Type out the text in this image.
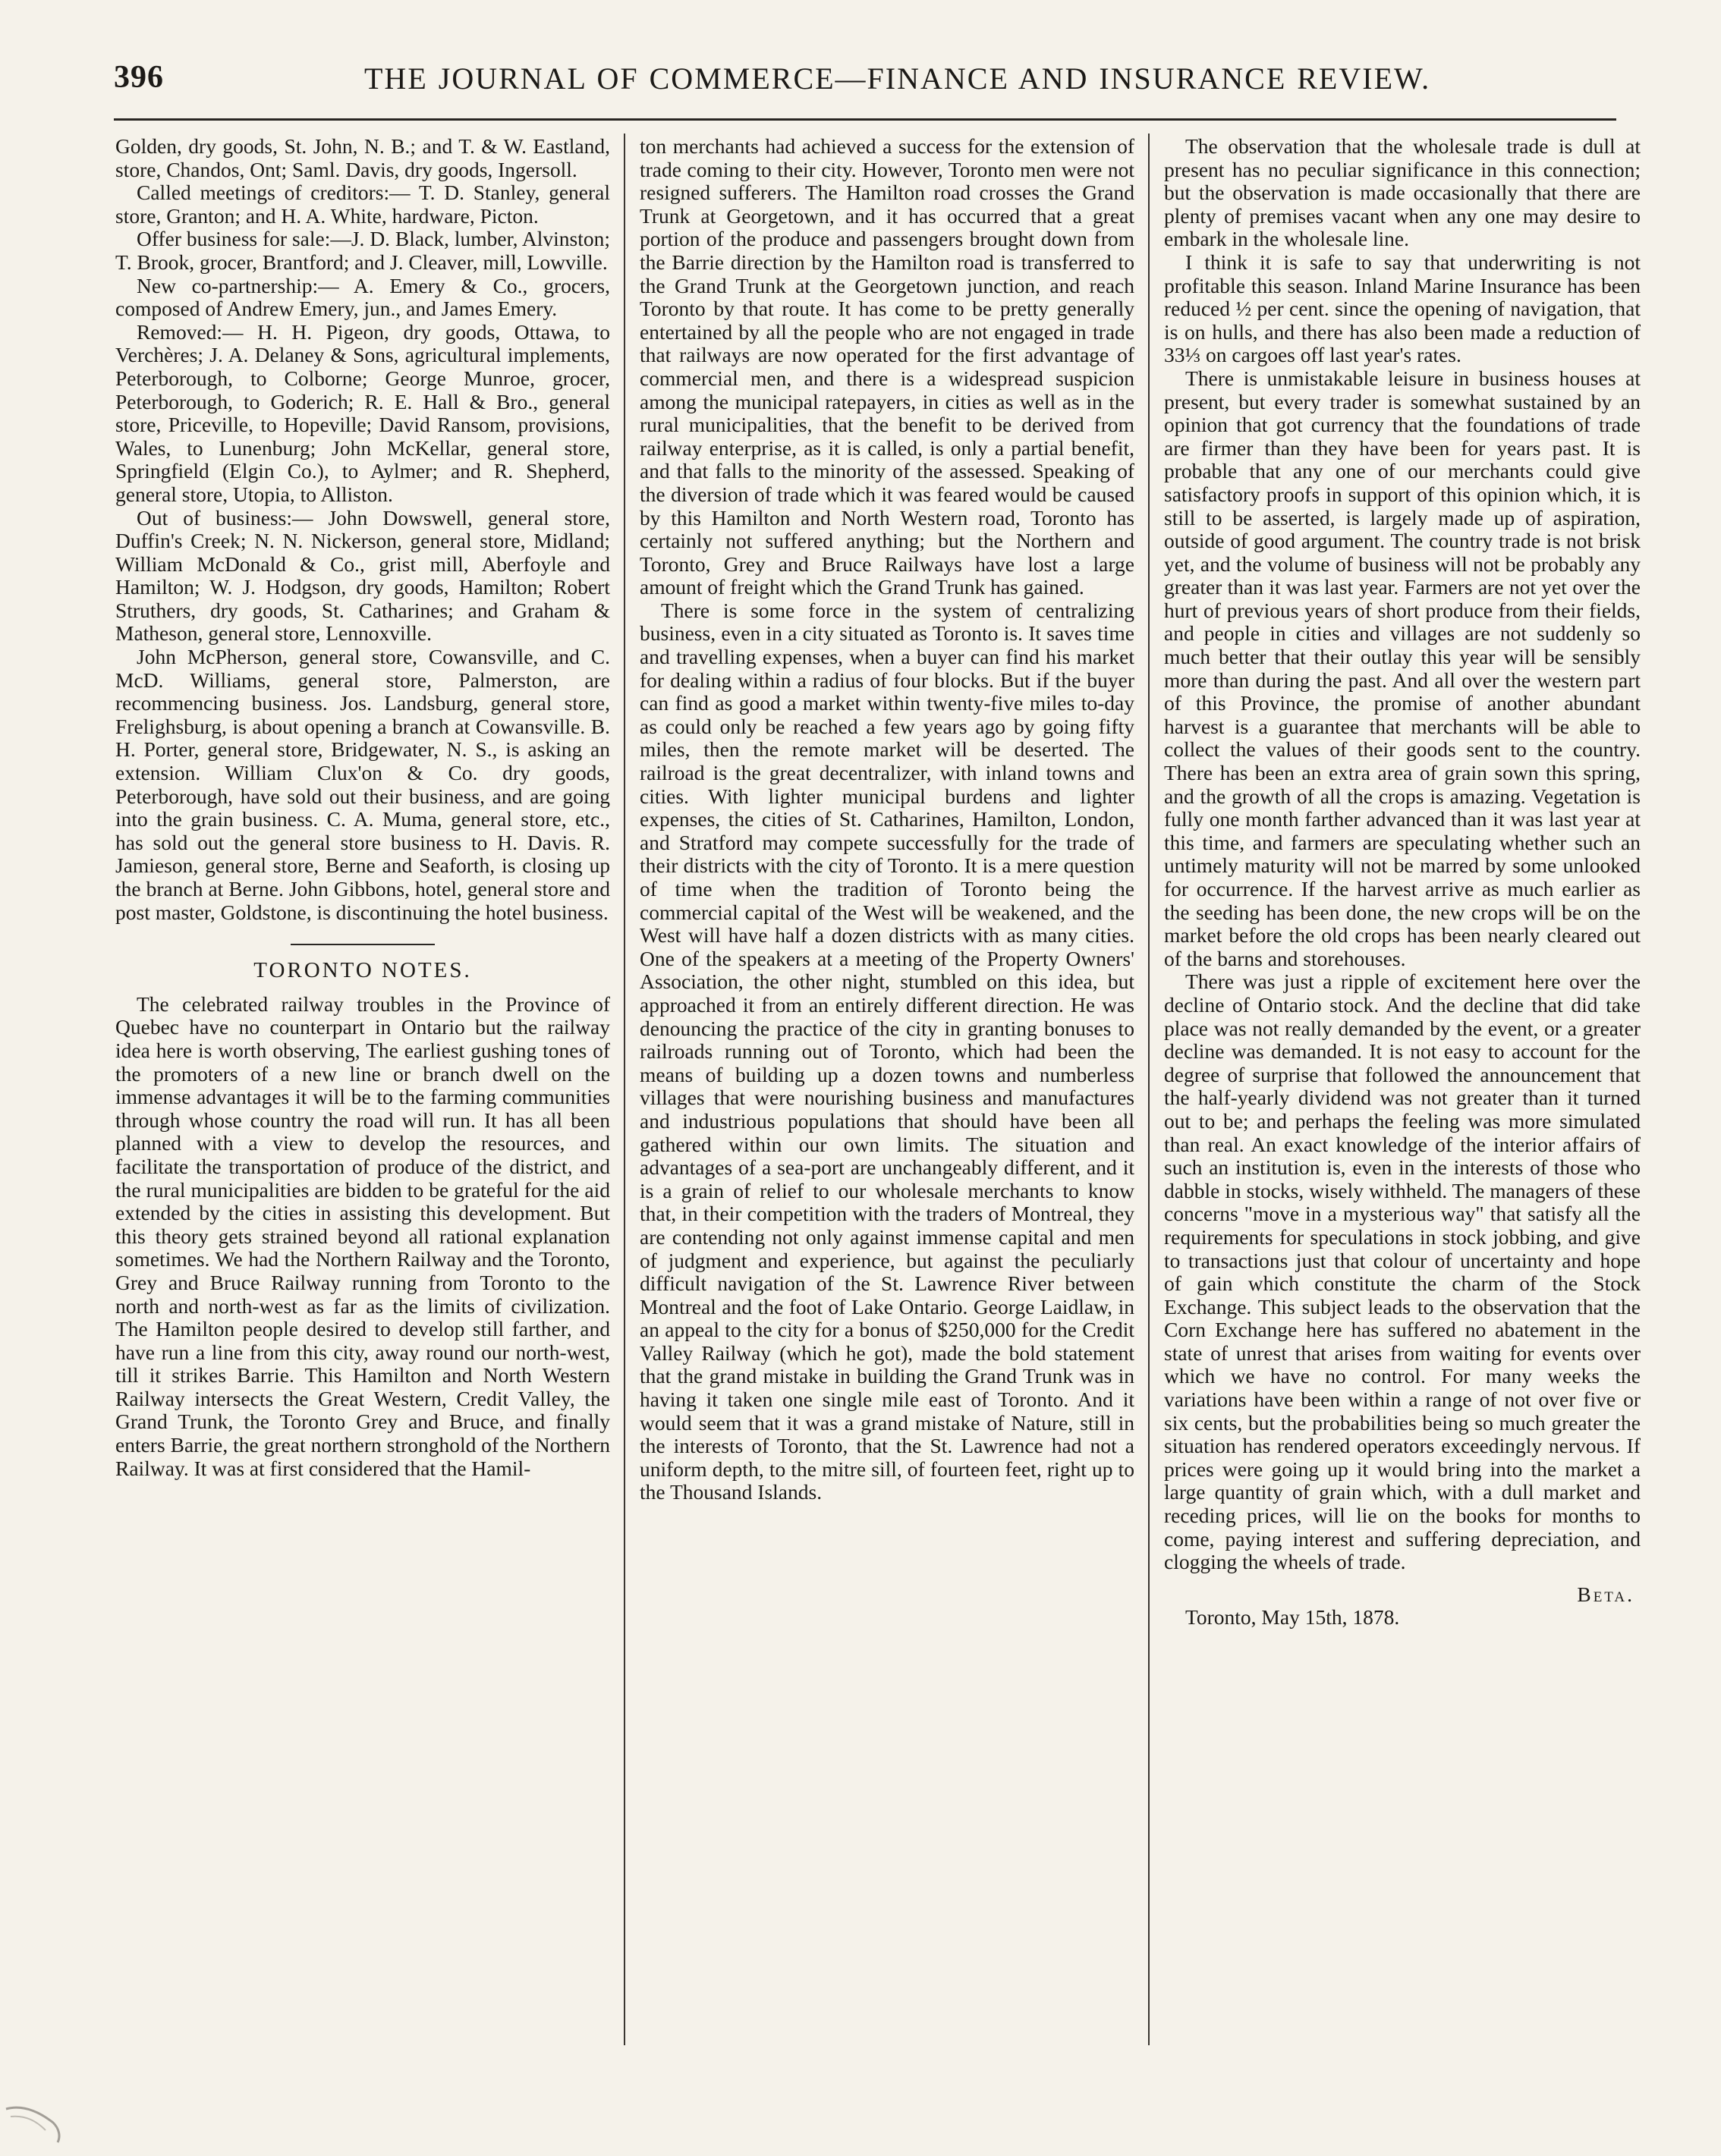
396	THE JOURNAL OF COMMERCE—FINANCE AND INSURANCE REVIEW.

Golden, dry goods, St. John, N. B.; and T. & W. Eastland, store, Chandos, Ont; Saml. Davis, dry goods, Ingersoll.

Called meetings of creditors:— T. D. Stanley, general store, Granton; and H. A. White, hardware, Picton.

Offer business for sale:—J. D. Black, lumber, Alvinston; T. Brook, grocer, Brantford; and J. Cleaver, mill, Lowville.

New co-partnership:— A. Emery & Co., grocers, composed of Andrew Emery, jun., and James Emery.

Removed:— H. H. Pigeon, dry goods, Ottawa, to Verchères; J. A. Delaney & Sons, agricultural implements, Peterborough, to Colborne; George Munroe, grocer, Peterborough, to Goderich; R. E. Hall & Bro., general store, Priceville, to Hopeville; David Ransom, provisions, Wales, to Lunenburg; John McKellar, general store, Springfield (Elgin Co.), to Aylmer; and R. Shepherd, general store, Utopia, to Alliston.

Out of business:— John Dowswell, general store, Duffin's Creek; N. N. Nickerson, general store, Midland; William McDonald & Co., grist mill, Aberfoyle and Hamilton; W. J. Hodgson, dry goods, Hamilton; Robert Struthers, dry goods, St. Catharines; and Graham & Matheson, general store, Lennoxville.

John McPherson, general store, Cowansville, and C. McD. Williams, general store, Palmerston, are recommencing business. Jos. Landsburg, general store, Frelighsburg, is about opening a branch at Cowansville. B. H. Porter, general store, Bridgewater, N. S., is asking an extension. William Clux'on & Co. dry goods, Peterborough, have sold out their business, and are going into the grain business. C. A. Muma, general store, etc., has sold out the general store business to H. Davis. R. Jamieson, general store, Berne and Seaforth, is closing up the branch at Berne. John Gibbons, hotel, general store and post master, Goldstone, is discontinuing the hotel business.

TORONTO NOTES.

The celebrated railway troubles in the Province of Quebec have no counterpart in Ontario but the railway idea here is worth observing, The earliest gushing tones of the promoters of a new line or branch dwell on the immense advantages it will be to the farming communities through whose country the road will run. It has all been planned with a view to develop the resources, and facilitate the transportation of produce of the district, and the rural municipalities are bidden to be grateful for the aid extended by the cities in assisting this development. But this theory gets strained beyond all rational explanation sometimes. We had the Northern Railway and the Toronto, Grey and Bruce Railway running from Toronto to the north and north-west as far as the limits of civilization. The Hamilton people desired to develop still farther, and have run a line from this city, away round our north-west, till it strikes Barrie. This Hamilton and North Western Railway intersects the Great Western, Credit Valley, the Grand Trunk, the Toronto Grey and Bruce, and finally enters Barrie, the great northern stronghold of the Northern Railway. It was at first considered that the Hamil-

ton merchants had achieved a success for the extension of trade coming to their city. However, Toronto men were not resigned sufferers. The Hamilton road crosses the Grand Trunk at Georgetown, and it has occurred that a great portion of the produce and passengers brought down from the Barrie direction by the Hamilton road is transferred to the Grand Trunk at the Georgetown junction, and reach Toronto by that route. It has come to be pretty generally entertained by all the people who are not engaged in trade that railways are now operated for the first advantage of commercial men, and there is a widespread suspicion among the municipal ratepayers, in cities as well as in the rural municipalities, that the benefit to be derived from railway enterprise, as it is called, is only a partial benefit, and that falls to the minority of the assessed. Speaking of the diversion of trade which it was feared would be caused by this Hamilton and North Western road, Toronto has certainly not suffered anything; but the Northern and Toronto, Grey and Bruce Railways have lost a large amount of freight which the Grand Trunk has gained.

There is some force in the system of centralizing business, even in a city situated as Toronto is. It saves time and travelling expenses, when a buyer can find his market for dealing within a radius of four blocks. But if the buyer can find as good a market within twenty-five miles to-day as could only be reached a few years ago by going fifty miles, then the remote market will be deserted. The railroad is the great decentralizer, with inland towns and cities. With lighter municipal burdens and lighter expenses, the cities of St. Catharines, Hamilton, London, and Stratford may compete successfully for the trade of their districts with the city of Toronto. It is a mere question of time when the tradition of Toronto being the commercial capital of the West will be weakened, and the West will have half a dozen districts with as many cities. One of the speakers at a meeting of the Property Owners' Association, the other night, stumbled on this idea, but approached it from an entirely different direction. He was denouncing the practice of the city in granting bonuses to railroads running out of Toronto, which had been the means of building up a dozen towns and numberless villages that were nourishing business and manufactures and industrious populations that should have been all gathered within our own limits. The situation and advantages of a sea-port are unchangeably different, and it is a grain of relief to our wholesale merchants to know that, in their competition with the traders of Montreal, they are contending not only against immense capital and men of judgment and experience, but against the peculiarly difficult navigation of the St. Lawrence River between Montreal and the foot of Lake Ontario. George Laidlaw, in an appeal to the city for a bonus of $250,000 for the Credit Valley Railway (which he got), made the bold statement that the grand mistake in building the Grand Trunk was in having it taken one single mile east of Toronto. And it would seem that it was a grand mistake of Nature, still in the interests of Toronto, that the St. Lawrence had not a uniform depth, to the mitre sill, of fourteen feet, right up to the Thousand Islands.

The observation that the wholesale trade is dull at present has no peculiar significance in this connection; but the observation is made occasionally that there are plenty of premises vacant when any one may desire to embark in the wholesale line.

I think it is safe to say that underwriting is not profitable this season. Inland Marine Insurance has been reduced ½ per cent. since the opening of navigation, that is on hulls, and there has also been made a reduction of 33⅓ on cargoes off last year's rates.

There is unmistakable leisure in business houses at present, but every trader is somewhat sustained by an opinion that got currency that the foundations of trade are firmer than they have been for years past. It is probable that any one of our merchants could give satisfactory proofs in support of this opinion which, it is still to be asserted, is largely made up of aspiration, outside of good argument. The country trade is not brisk yet, and the volume of business will not be probably any greater than it was last year. Farmers are not yet over the hurt of previous years of short produce from their fields, and people in cities and villages are not suddenly so much better that their outlay this year will be sensibly more than during the past. And all over the western part of this Province, the promise of another abundant harvest is a guarantee that merchants will be able to collect the values of their goods sent to the country. There has been an extra area of grain sown this spring, and the growth of all the crops is amazing. Vegetation is fully one month farther advanced than it was last year at this time, and farmers are speculating whether such an untimely maturity will not be marred by some unlooked for occurrence. If the harvest arrive as much earlier as the seeding has been done, the new crops will be on the market before the old crops has been nearly cleared out of the barns and storehouses.

There was just a ripple of excitement here over the decline of Ontario stock. And the decline that did take place was not really demanded by the event, or a greater decline was demanded. It is not easy to account for the degree of surprise that followed the announcement that the half-yearly dividend was not greater than it turned out to be; and perhaps the feeling was more simulated than real. An exact knowledge of the interior affairs of such an institution is, even in the interests of those who dabble in stocks, wisely withheld. The managers of these concerns "move in a mysterious way" that satisfy all the requirements for speculations in stock jobbing, and give to transactions just that colour of uncertainty and hope of gain which constitute the charm of the Stock Exchange. This subject leads to the observation that the Corn Exchange here has suffered no abatement in the state of unrest that arises from waiting for events over which we have no control. For many weeks the variations have been within a range of not over five or six cents, but the probabilities being so much greater the situation has rendered operators exceedingly nervous. If prices were going up it would bring into the market a large quantity of grain which, with a dull market and receding prices, will lie on the books for months to come, paying interest and suffering depreciation, and clogging the wheels of trade.

Beta.

Toronto, May 15th, 1878.
